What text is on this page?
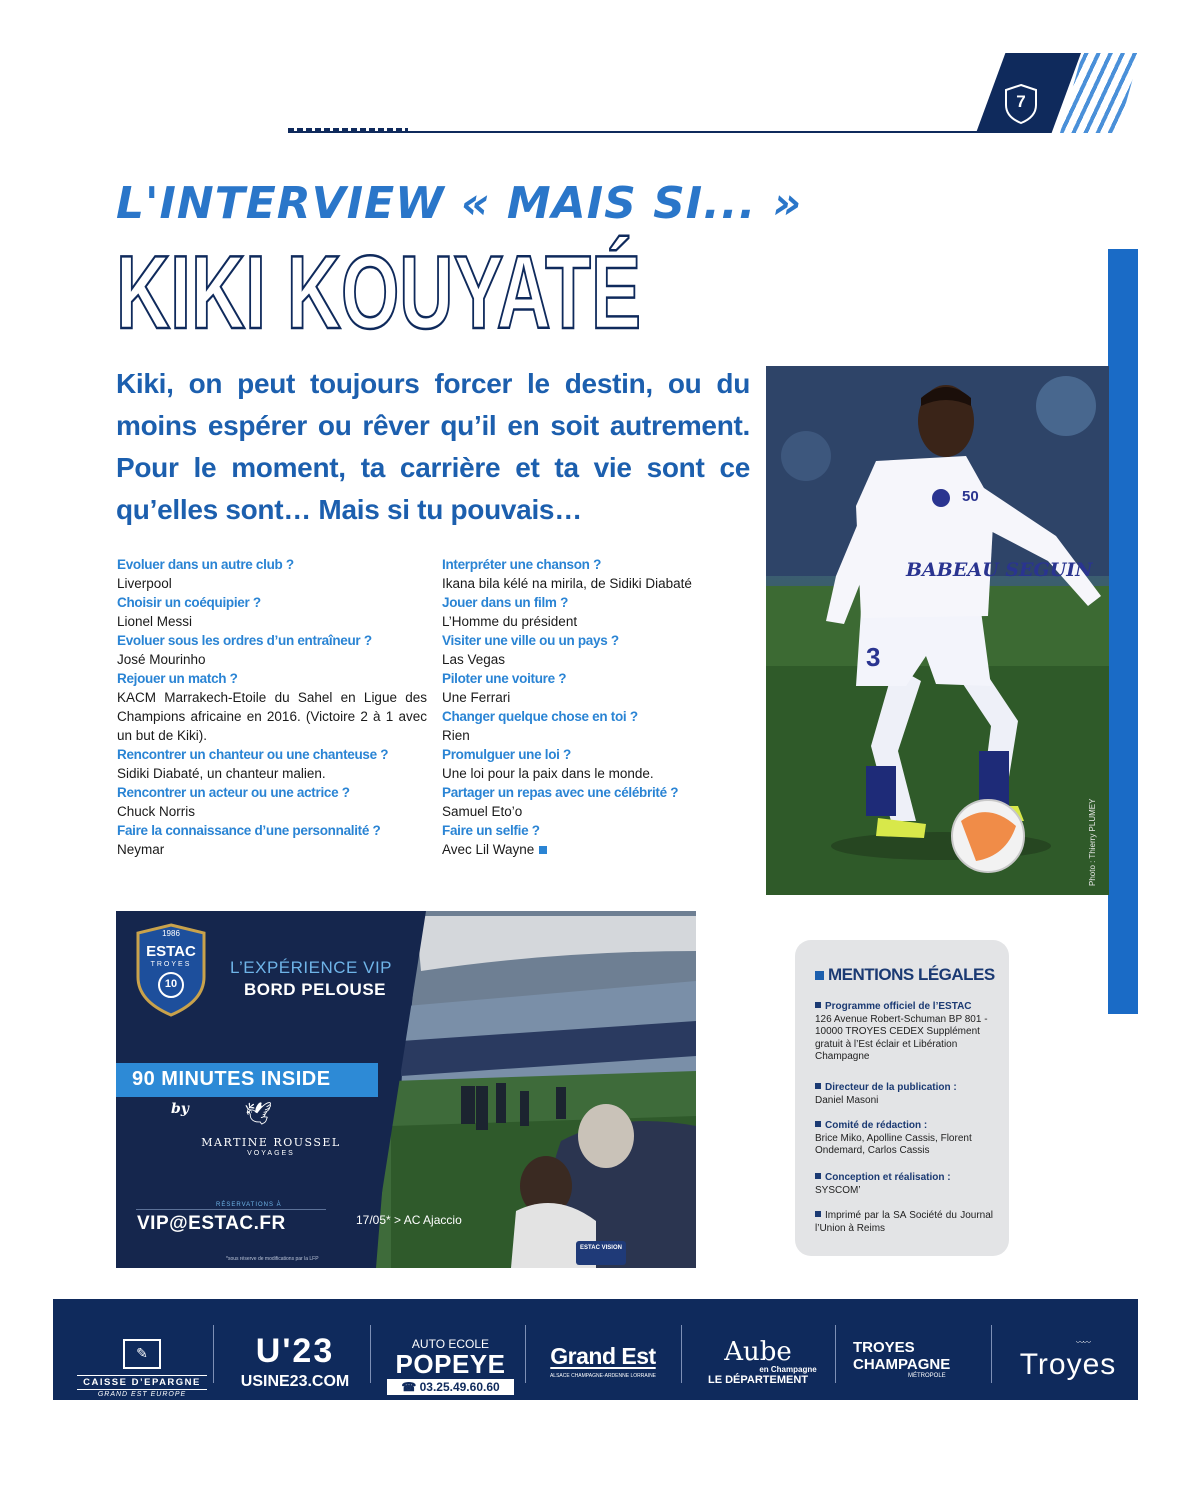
7
L'INTERVIEW « MAIS SI... »
KIKI KOUYATÉ

Kiki, on peut toujours forcer le destin, ou du moins espérer ou rêver qu’il en soit autrement. Pour le moment, ta carrière et ta vie sont ce qu’elles sont… Mais si tu pouvais…

Evoluer dans un autre club ?
Liverpool
Choisir un coéquipier ?
Lionel Messi
Evoluer sous les ordres d’un entraîneur ?
José Mourinho
Rejouer un match ?
KACM Marrakech-Etoile du Sahel en Ligue des Champions africaine en 2016. (Victoire 2 à 1 avec un but de Kiki).
Rencontrer un chanteur ou une chanteuse ?
Sidiki Diabaté, un chanteur malien.
Rencontrer un acteur ou une actrice ?
Chuck Norris
Faire la connaissance d’une personnalité ?
Neymar
Interpréter une chanson ?
Ikana bila kélé na mirila, de Sidiki Diabaté
Jouer dans un film ?
L’Homme du président
Visiter une ville ou un pays ?
Las Vegas
Piloter une voiture ?
Une Ferrari
Changer quelque chose en toi ?
Rien
Promulguer une loi ?
Une loi pour la paix dans le monde.
Partager un repas avec une célébrité ?
Samuel Eto’o
Faire un selfie ?
Avec Lil Wayne
3
BABEAU SEGUIN
50
Photo : Thierry PLUMEY
1986
ESTAC
TROYES
10
L’EXPÉRIENCE VIP
BORD PELOUSE
90 MINUTES INSIDE
by	🕊
MARTINE ROUSSEL
VOYAGES
RÉSERVATIONS À
VIP@ESTAC.FR	17/05* > AC Ajaccio
*sous réserve de modifications par la LFP
ESTAC VISION
MENTIONS LÉGALES
Programme officiel de l’ESTAC
126 Avenue Robert-Schuman BP 801 - 10000 TROYES CEDEX Supplément gratuit à l’Est éclair et Libération Champagne
Directeur de la publication :
Daniel Masoni
Comité de rédaction :
Brice Miko, Apolline Cassis, Florent Ondemard, Carlos Cassis
Conception et réalisation :
SYSCOM’
Imprimé par la SA Société du Journal l’Union à Reims
✎
CAISSE D’EPARGNE
GRAND EST EUROPE
U'23
USINE23.COM
AUTO ECOLE
POPEYE
☎ 03.25.49.60.60
Grand Est
ALSACE CHAMPAGNE-ARDENNE LORRAINE
Aube
en Champagne
LE DÉPARTEMENT
TROYES
CHAMPAGNE
MÉTROPOLE
〰〰
Troyes
